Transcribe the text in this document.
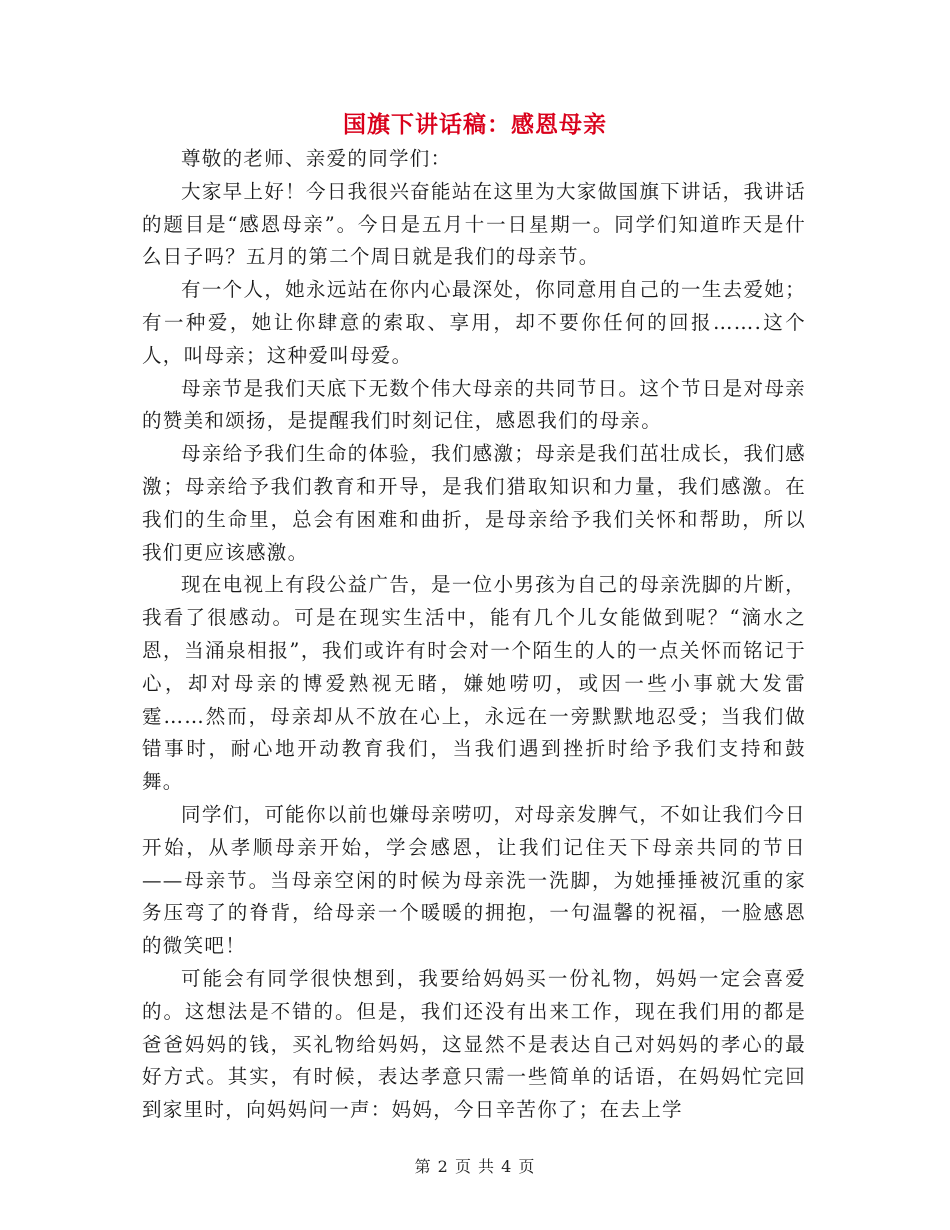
国旗下讲话稿：感恩母亲

尊敬的老师、亲爱的同学们：

大家早上好！今日我很兴奋能站在这里为大家做国旗下讲话，我讲话的题目是“感恩母亲”。今日是五月十一日星期一。同学们知道昨天是什么日子吗？五月的第二个周日就是我们的母亲节。

有一个人，她永远站在你内心最深处，你同意用自己的一生去爱她；有一种爱，她让你肆意的索取、享用，却不要你任何的回报…….这个人，叫母亲；这种爱叫母爱。

母亲节是我们天底下无数个伟大母亲的共同节日。这个节日是对母亲的赞美和颂扬，是提醒我们时刻记住，感恩我们的母亲。

母亲给予我们生命的体验，我们感激；母亲是我们茁壮成长，我们感激；母亲给予我们教育和开导，是我们猎取知识和力量，我们感激。在我们的生命里，总会有困难和曲折，是母亲给予我们关怀和帮助，所以我们更应该感激。

现在电视上有段公益广告，是一位小男孩为自己的母亲洗脚的片断，我看了很感动。可是在现实生活中，能有几个儿女能做到呢？“滴水之恩，当涌泉相报”，我们或许有时会对一个陌生的人的一点关怀而铭记于心，却对母亲的博爱熟视无睹，嫌她唠叨，或因一些小事就大发雷霆……然而，母亲却从不放在心上，永远在一旁默默地忍受；当我们做错事时，耐心地开动教育我们，当我们遇到挫折时给予我们支持和鼓舞。

同学们，可能你以前也嫌母亲唠叨，对母亲发脾气，不如让我们今日开始，从孝顺母亲开始，学会感恩，让我们记住天下母亲共同的节日——母亲节。当母亲空闲的时候为母亲洗一洗脚，为她捶捶被沉重的家务压弯了的脊背，给母亲一个暖暖的拥抱，一句温馨的祝福，一脸感恩的微笑吧！

可能会有同学很快想到，我要给妈妈买一份礼物，妈妈一定会喜爱的。这想法是不错的。但是，我们还没有出来工作，现在我们用的都是爸爸妈妈的钱，买礼物给妈妈，这显然不是表达自己对妈妈的孝心的最好方式。其实，有时候，表达孝意只需一些简单的话语，在妈妈忙完回到家里时，向妈妈问一声：妈妈，今日辛苦你了；在去上学

第 2 页 共 4 页
